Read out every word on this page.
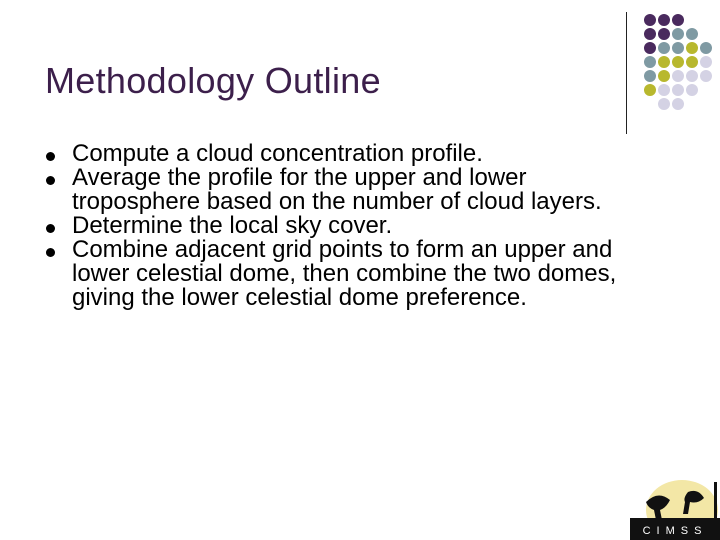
Methodology Outline
Compute a cloud concentration profile.
Average the profile for the upper and lower troposphere based on the number of cloud layers.
Determine the local sky cover.
Combine adjacent grid points to form an upper and lower celestial dome, then combine the two domes, giving the lower celestial dome preference.
CIMSS
